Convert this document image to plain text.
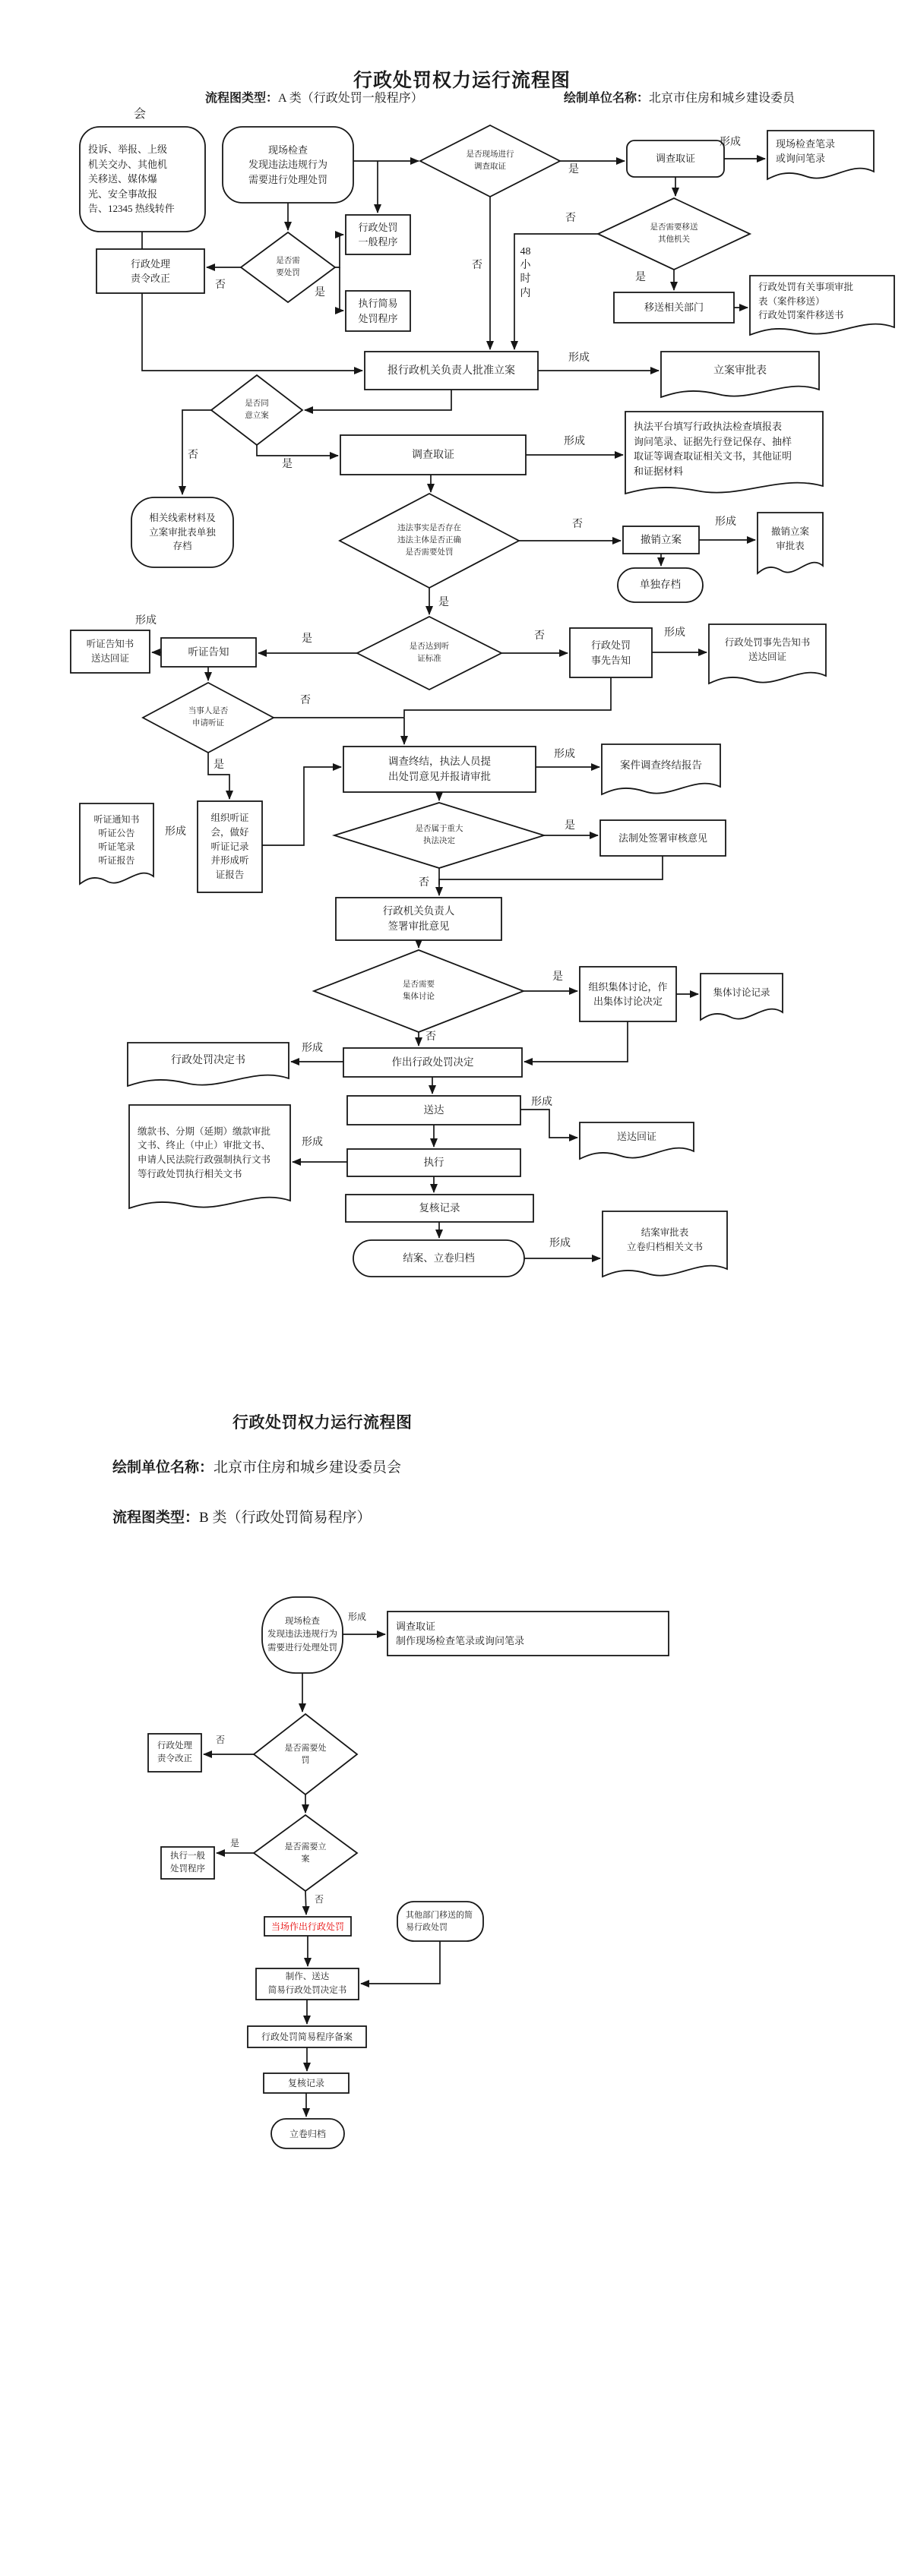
行政处罚权力运行流程图
流程图类型：A 类（行政处罚一般程序）	绘制单位名称：北京市住房和城乡建设委员
行政处罚权力运行流程图
绘制单位名称：北京市住房和城乡建设委员会
流程图类型：B 类（行政处罚简易程序）
投诉、举报、上级
机关交办、其他机
关移送、媒体爆
光、安全事故报
告、12345 热线转件
现场检查
发现违法违规行为
需要进行处理处罚
是否现场进行
调查取证
调查取证
现场检查笔录
或询问笔录
是否需要移送
其他机关
移送相关部门
行政处罚有关事项审批
表（案件移送）
行政处罚案件移送书
是否需
要处罚
行政处理
责令改正
行政处罚
一般程序
执行简易
处罚程序
报行政机关负责人批准立案	立案审批表
是否同
意立案
相关线索材料及
立案审批表单独
存档
调查取证
执法平台填写行政执法检查填报表
询问笔录、证据先行登记保存、抽样
取证等调查取证相关文书，其他证明
和证据材料
违法事实是否存在
违法主体是否正确
是否需要处罚
撤销立案
撤销立案
审批表
单独存档
是否达到听
证标准
听证告知
听证告知书
送达回证
当事人是否
申请听证
行政处罚
事先告知
行政处罚事先告知书
送达回证
调查终结，执法人员提
出处罚意见并报请审批
案件调查终结报告
组织听证
会，做好
听证记录
并形成听
证报告
听证通知书
听证公告
听证笔录
听证报告
是否属于重大
执法决定	法制处签署审核意见
行政机关负责人
签署审批意见
是否需要
集体讨论
组织集体讨论，作
出集体讨论决定
集体讨论记录
作出行政处罚决定
行政处罚决定书
送达
送达回证
执行
缴款书、分期（延期）缴款审批
文书、终止（中止）审批文书、
申请人民法院行政强制执行文书
等行政处罚执行相关文书
复核记录
结案、立卷归档
结案审批表
立卷归档相关文书
会
是
否
是
否
48小时内
否
是
形成
形成
否
是
形成
否	形成
是
是
形成
否	形成
否
是
形成
形成
是
否
是
否
形成
形成
形成
形成
现场检查
发现违法违规行为
需要进行处理处罚
调查取证
制作现场检查笔录或询问笔录
是否需要处
罚
行政处理
责令改正
是否需要立
案
执行一般
处罚程序
当场作出行政处罚
其他部门移送的简
易行政处罚
制作、送达
简易行政处罚决定书
行政处罚简易程序备案
复核记录
立卷归档
形成
否
是
否
